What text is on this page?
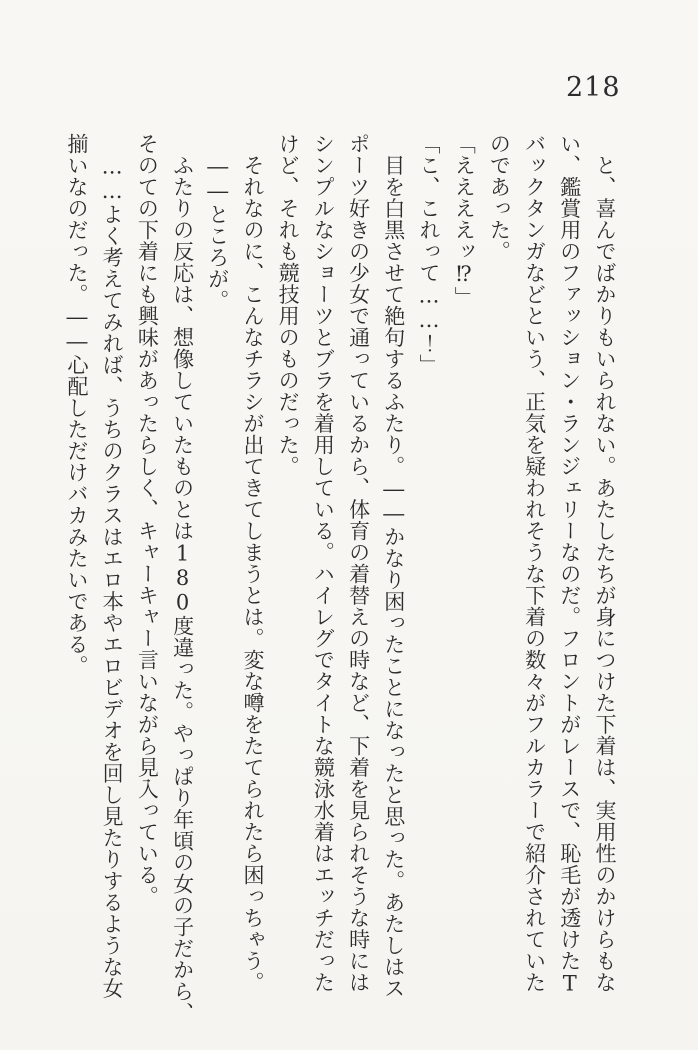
218
　と、喜んでばかりもいられない。あたしたちが身につけた下着は、実用性のかけらもな
い、鑑賞用のファッション・ランジェリーなのだ。フロントがレースで、恥毛が透けたT
バックタンガなどという、正気を疑われそうな下着の数々がフルカラーで紹介されていた
のであった。
「ええええッ⁉」
「こ、これって……！」
　目を白黒させて絶句するふたり。――かなり困ったことになったと思った。あたしはス
ポーツ好きの少女で通っているから、体育の着替えの時など、下着を見られそうな時には
シンプルなショーツとブラを着用している。ハイレグでタイトな競泳水着はエッチだった
けど、それも競技用のものだった。
　それなのに、こんなチラシが出てきてしまうとは。変な噂をたてられたら困っちゃう。
　――ところが。
　ふたりの反応は、想像していたものとは180度違った。やっぱり年頃の女の子だから、
そのての下着にも興味があったらしく、キャーキャー言いながら見入っている。
　……よく考えてみれば、うちのクラスはエロ本やエロビデオを回し見たりするような女
揃いなのだった。――心配しただけバカみたいである。
